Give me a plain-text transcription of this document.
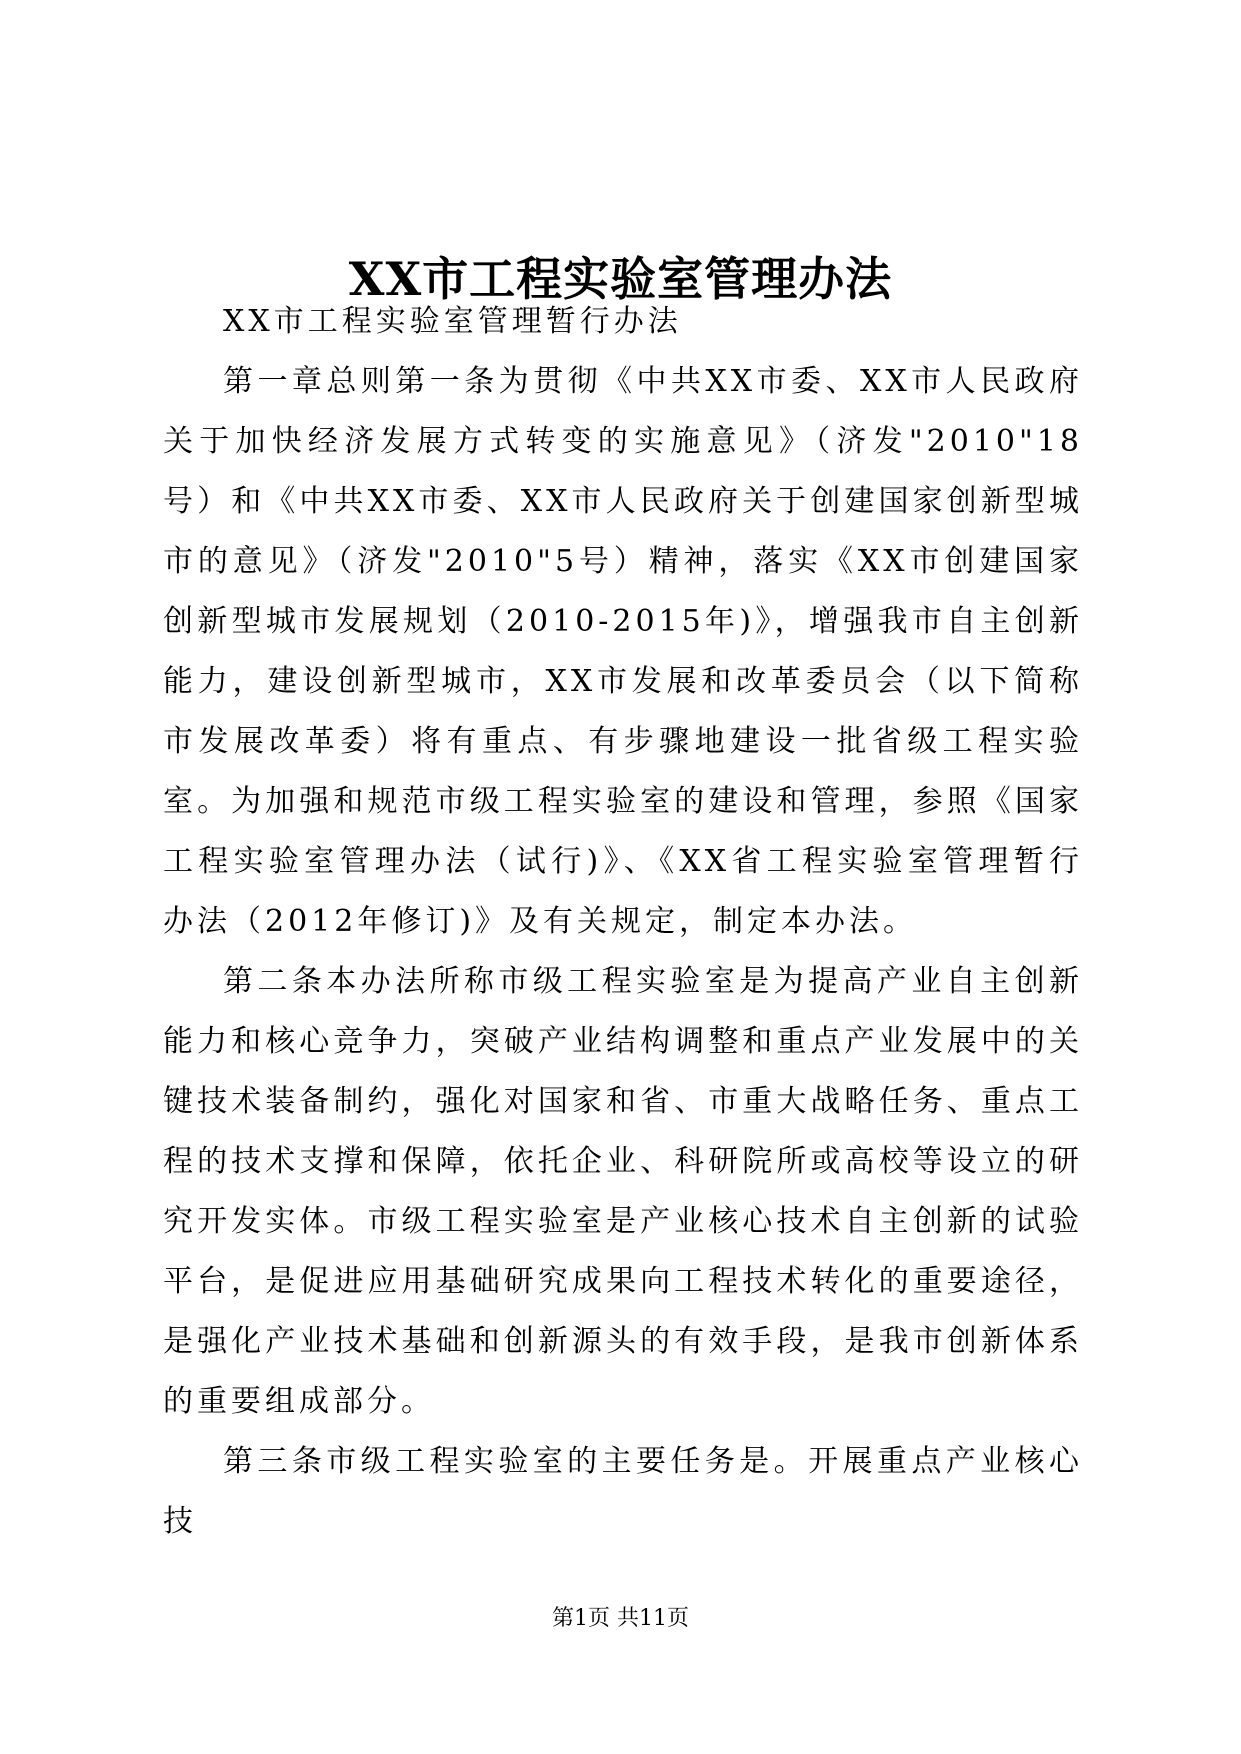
XX市工程实验室管理办法

XX市工程实验室管理暂行办法

第一章总则第一条为贯彻《中共XX市委、XX市人民政府关于加快经济发展方式转变的实施意见》（济发"2010"18号）和《中共XX市委、XX市人民政府关于创建国家创新型城市的意见》（济发"2010"5号）精神，落实《XX市创建国家创新型城市发展规划（2010-2015年)》，增强我市自主创新能力，建设创新型城市，XX市发展和改革委员会（以下简称市发展改革委）将有重点、有步骤地建设一批省级工程实验室。为加强和规范市级工程实验室的建设和管理，参照《国家工程实验室管理办法（试行)》、《XX省工程实验室管理暂行办法（2012年修订)》及有关规定，制定本办法。

第二条本办法所称市级工程实验室是为提高产业自主创新能力和核心竞争力，突破产业结构调整和重点产业发展中的关键技术装备制约，强化对国家和省、市重大战略任务、重点工程的技术支撑和保障，依托企业、科研院所或高校等设立的研究开发实体。市级工程实验室是产业核心技术自主创新的试验平台，是促进应用基础研究成果向工程技术转化的重要途径，是强化产业技术基础和创新源头的有效手段，是我市创新体系的重要组成部分。

第三条市级工程实验室的主要任务是。开展重点产业核心技

第1页 共11页
